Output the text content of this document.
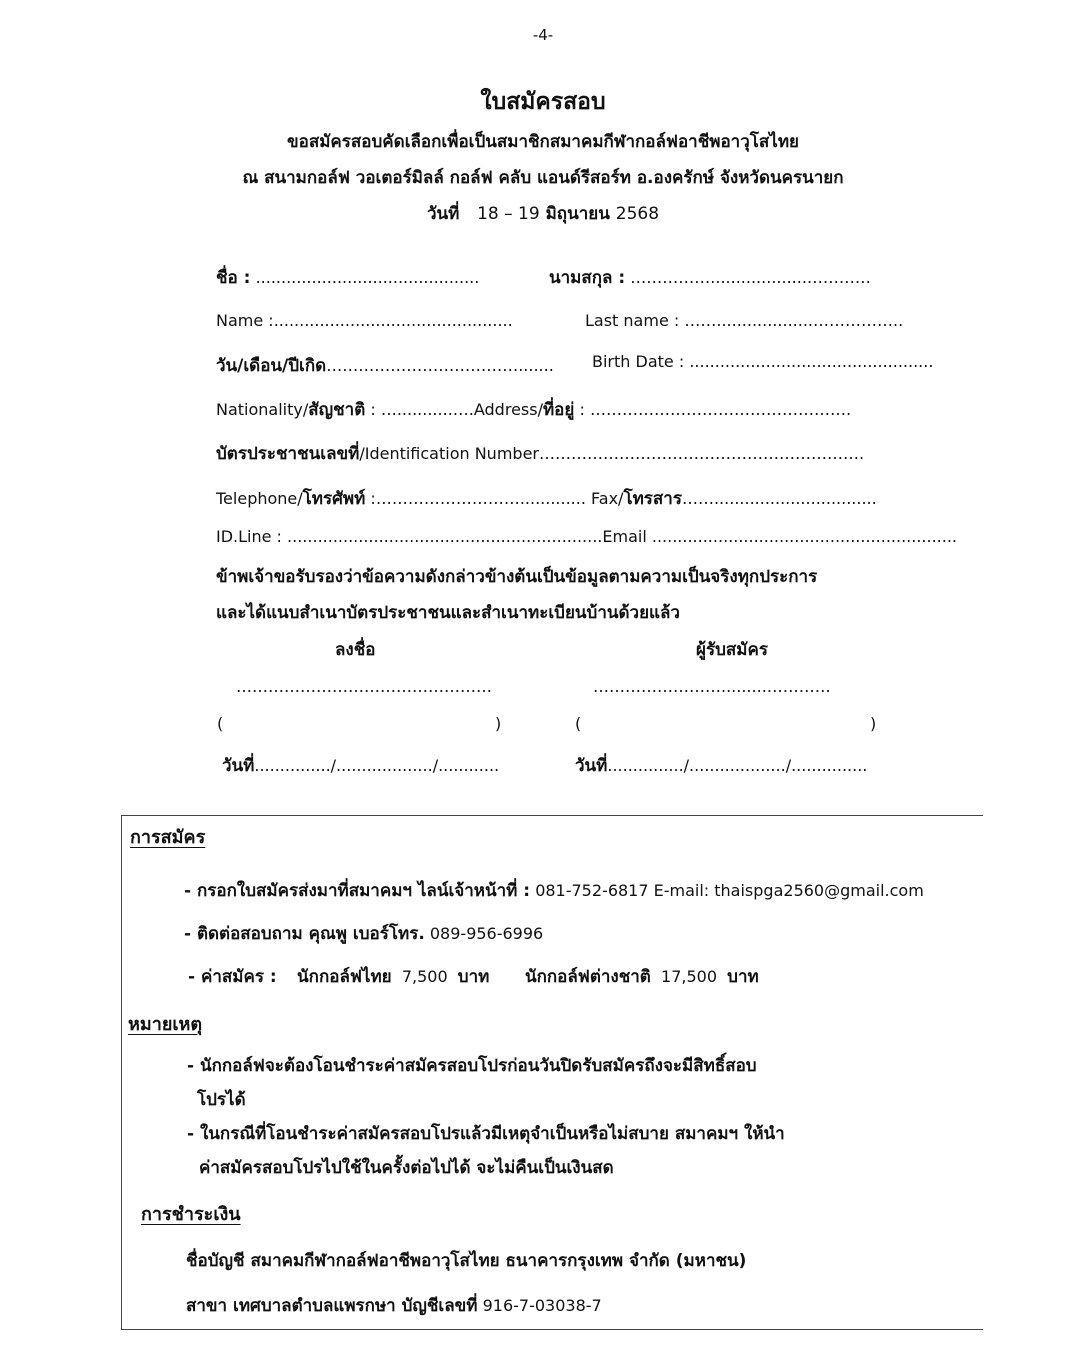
-4-
ใบสมัครสอบ
ขอสมัครสอบคัดเลือกเพื่อเป็นสมาชิกสมาคมกีฬากอล์ฟอาชีพอาวุโสไทย
ณ สนามกอล์ฟ วอเตอร์มิลล์ กอล์ฟ คลับ แอนด์รีสอร์ท อ.องครักษ์ จังหวัดนครนายก
วันที่ 18 – 19 มิถุนายน 2568
ชื่อ : ............................................	นามสกุล : ……………...................…………
Name :...............................................	Last name : ……...................……………..
วัน/เดือน/ปีเกิด………………………………....... Birth Date : ................................................
Nationality/สัญชาติ : …...........….Address/ที่อยู่ : ………………………………………….
บัตรประชาชนเลขที่/Identification Number…………………………………………………….
Telephone/โทรศัพท์ :………………………............. Fax/โทรสาร……................................
ID.Line : ..............................................................Email ............................................................
ข้าพเจ้าขอรับรองว่าข้อความดังกล่าวข้างต้นเป็นข้อมูลตามความเป็นจริงทุกประการ
และได้แนบสำเนาบัตรประชาชนและสำเนาทะเบียนบ้านด้วยแล้ว
ลงชื่อ	ผู้รับสมัคร
…………………………………………	…………………….........…………
(	)	(	)
วันที่.............../.................../............	วันที่.............../.................../...............
การสมัคร
- กรอกใบสมัครส่งมาที่สมาคมฯ ไลน์เจ้าหน้าที่ : 081-752-6817 E-mail: thaispga2560@gmail.com
- ติดต่อสอบถาม คุณพู เบอร์โทร. 089-956-6996
- ค่าสมัคร : นักกอล์ฟไทย 7,500 บาท นักกอล์ฟต่างชาติ 17,500 บาท
หมายเหตุ
- นักกอล์ฟจะต้องโอนชำระค่าสมัครสอบโปรก่อนวันปิดรับสมัครถึงจะมีสิทธิ์สอบ
โปรได้
- ในกรณีที่โอนชำระค่าสมัครสอบโปรแล้วมีเหตุจำเป็นหรือไม่สบาย สมาคมฯ ให้นำ
ค่าสมัครสอบโปรไปใช้ในครั้งต่อไปได้ จะไม่คืนเป็นเงินสด
การชำระเงิน
ชื่อบัญชี สมาคมกีฬากอล์ฟอาชีพอาวุโสไทย ธนาคารกรุงเทพ จำกัด (มหาชน)
สาขา เทศบาลตำบลแพรกษา บัญชีเลขที่ 916-7-03038-7
